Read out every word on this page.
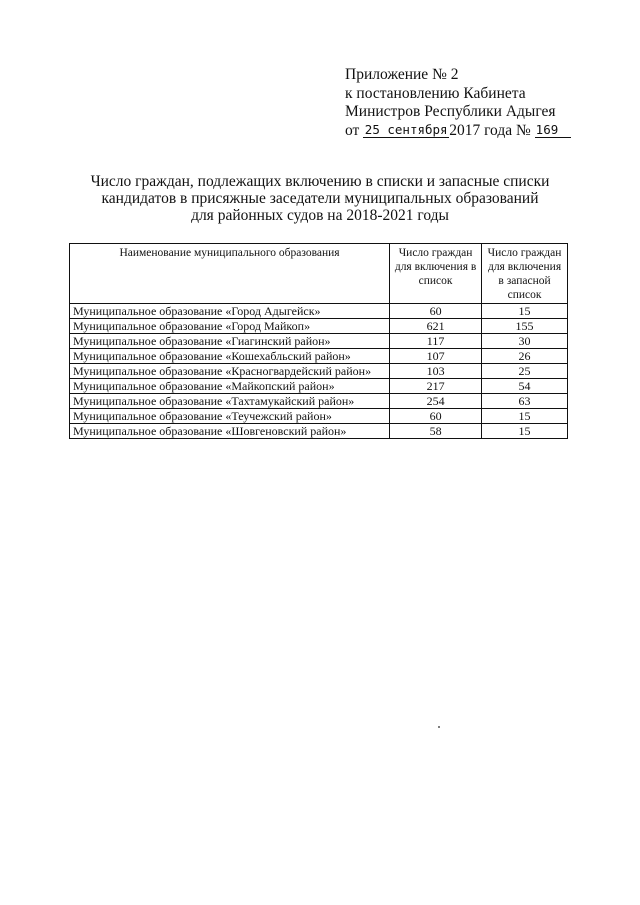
Приложение № 2
к постановлению Кабинета
Министров Республики Адыгея
от 25 сентября 2017 года № 169
Число граждан, подлежащих включению в списки и запасные списки
кандидатов в присяжные заседатели муниципальных образований
для районных судов на 2018-2021 годы
Наименование муниципального образования	Число граждан для включения в список	Число граждан для включения в запасной список
Муниципальное образование «Город Адыгейск»	60	15
Муниципальное образование «Город Майкоп»	621	155
Муниципальное образование «Гиагинский район»	117	30
Муниципальное образование «Кошехабльский район»	107	26
Муниципальное образование «Красногвардейский район»	103	25
Муниципальное образование «Майкопский район»	217	54
Муниципальное образование «Тахтамукайский район»	254	63
Муниципальное образование «Теучежский район»	60	15
Муниципальное образование «Шовгеновский район»	58	15
